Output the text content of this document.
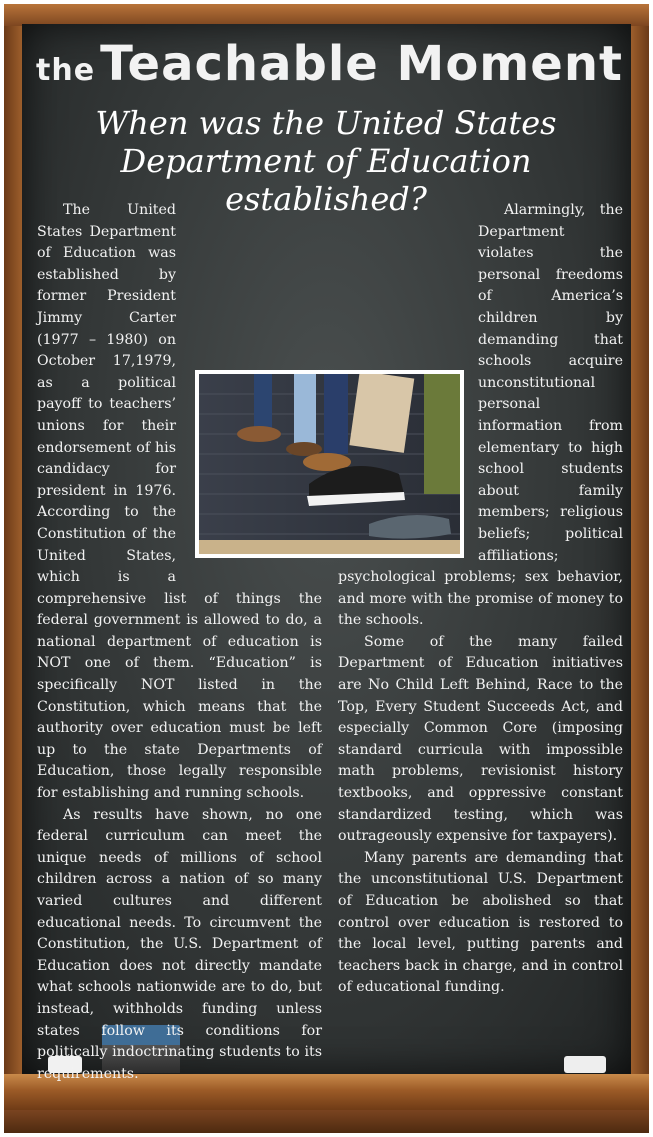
the Teachable Moment
When was the United States
Department of Education established?

The United States Department of Education was established by former President Jimmy Carter (1977 – 1980) on October 17,1979, as a political payoff to teachers’ unions for their endorsement of his candidacy for president in 1976. According to the Constitution of the United States, which is a comprehensive list of things the federal government is allowed to do, a national department of education is NOT one of them. “Education” is specifically NOT listed in the Constitution, which means that the authority over education must be left up to the state Departments of Education, those legally responsible for establishing and running schools.

As results have shown, no one federal curriculum can meet the unique needs of millions of school children across a nation of so many varied cultures and different educational needs. To circumvent the Constitution, the U.S. Department of Education does not directly mandate what schools nationwide are to do, but instead, withholds funding unless states follow its conditions for politically indoctrinating students to its requirements.

Alarmingly, the Department violates the personal freedoms of America’s children by demanding that schools acquire unconstitutional personal information from elementary to high school students about family members; religious beliefs; political affiliations; psychological problems; sex behavior, and more with the promise of money to the schools.

Some of the many failed Department of Education initiatives are No Child Left Behind, Race to the Top, Every Student Succeeds Act, and especially Common Core (imposing standard curricula with impossible math problems, revisionist history textbooks, and oppressive constant standardized testing, which was outrageously expensive for taxpayers).

Many parents are demanding that the unconstitutional U.S. Department of Education be abolished so that control over education is restored to the local level, putting parents and teachers back in charge, and in control of educational funding.
